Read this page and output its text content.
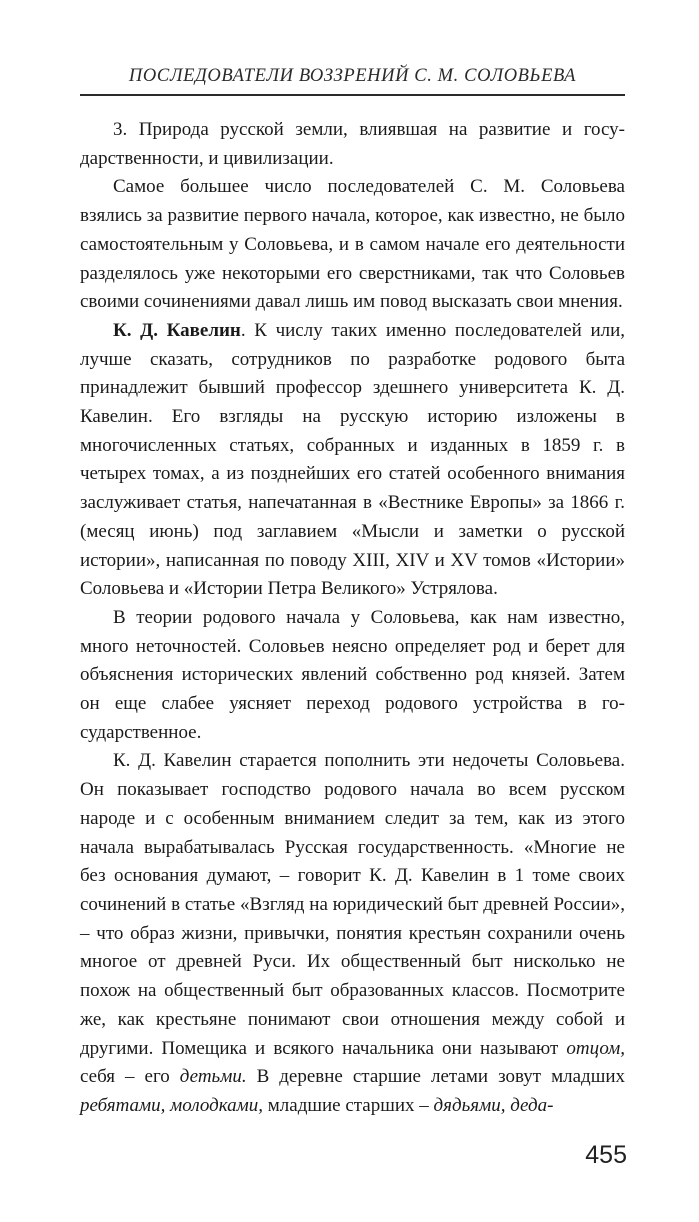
ПОСЛЕДОВАТЕЛИ ВОЗЗРЕНИЙ С. М. СОЛОВЬЕВА

3. Природа русской земли, влиявшая на развитие и государственности, и цивилизации.

Самое большее число последователей С. М. Соловьева взялись за развитие первого начала, которое, как известно, не было самостоятельным у Соловьева, и в самом начале его деятельности разделялось уже некоторыми его сверстниками, так что Соловьев своими сочинениями давал лишь им повод высказать свои мнения.

К. Д. Кавелин. К числу таких именно последователей или, лучше сказать, сотрудников по разработке родового быта принадлежит бывший профессор здешнего университета К. Д. Кавелин. Его взгляды на русскую историю изложены в многочисленных статьях, собранных и изданных в 1859 г. в четырех томах, а из позднейших его статей особенного внимания заслуживает статья, напечатанная в «Вестнике Европы» за 1866 г. (месяц июнь) под заглавием «Мысли и заметки о русской истории», написанная по поводу XIII, XIV и XV томов «Истории» Соловьева и «Истории Петра Великого» Устрялова.

В теории родового начала у Соловьева, как нам известно, много неточностей. Соловьев неясно определяет род и берет для объяснения исторических явлений собственно род князей. Затем он еще слабее уясняет переход родового устройства в государственное.

К. Д. Кавелин старается пополнить эти недочеты Соловьева. Он показывает господство родового начала во всем русском народе и с особенным вниманием следит за тем, как из этого начала вырабатывалась Русская государственность. «Многие не без основания думают, – говорит К. Д. Кавелин в 1 томе своих сочинений в статье «Взгляд на юридический быт древней России», – что образ жизни, привычки, понятия крестьян сохранили очень многое от древней Руси. Их общественный быт нисколько не похож на общественный быт образованных классов. Посмотрите же, как крестьяне понимают свои отношения между собой и другими. Помещика и всякого начальника они называют отцом, себя – его детьми. В деревне старшие летами зовут младших ребятами, молодками, младшие старших – дядьями, деда-

455
